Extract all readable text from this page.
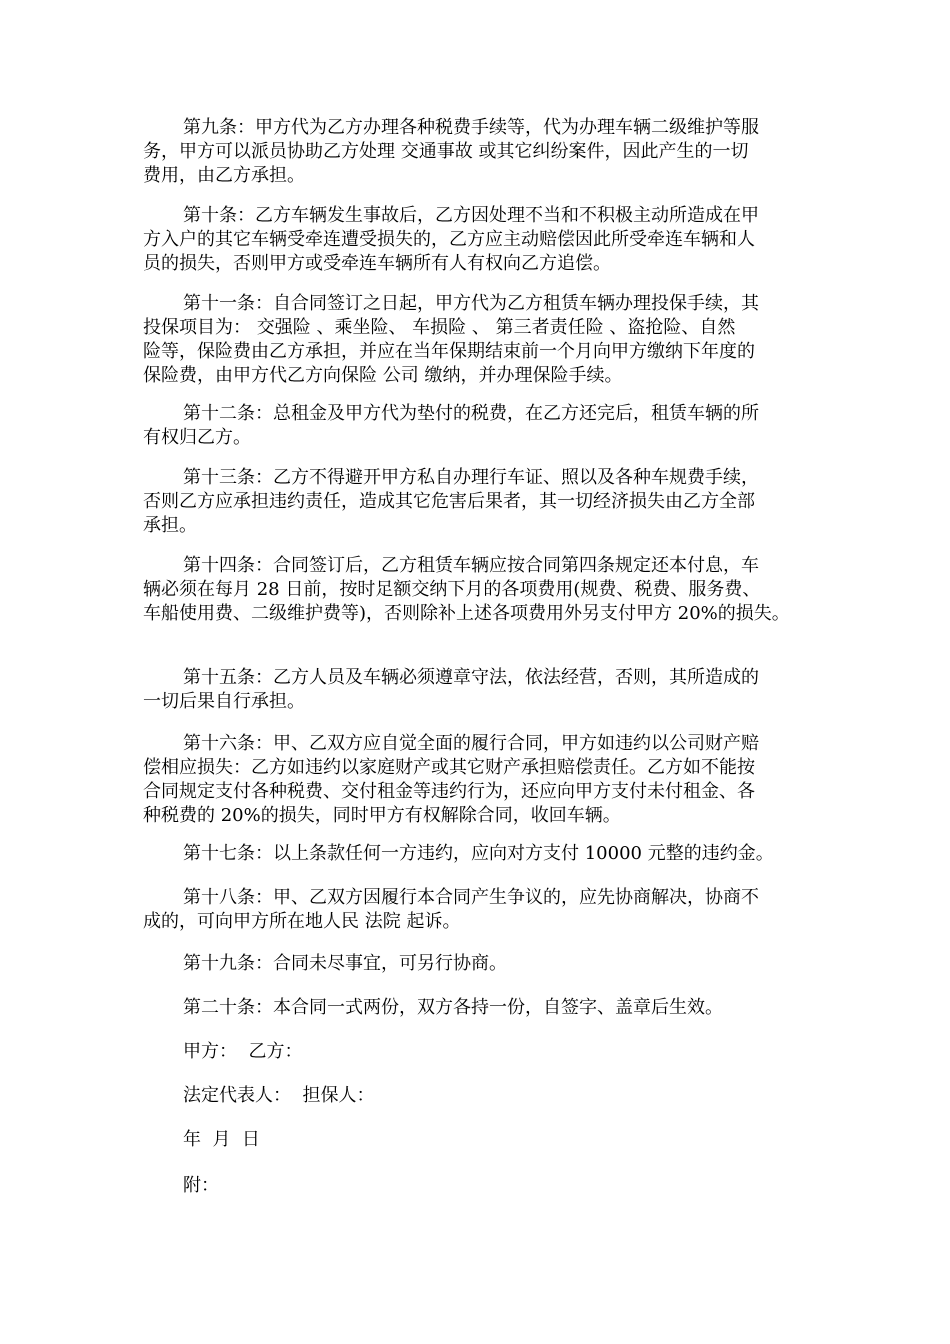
第九条：甲方代为乙方办理各种税费手续等，代为办理车辆二级维护等服
务，甲方可以派员协助乙方处理 交通事故 或其它纠纷案件，因此产生的一切
费用，由乙方承担。
第十条：乙方车辆发生事故后，乙方因处理不当和不积极主动所造成在甲
方入户的其它车辆受牵连遭受损失的，乙方应主动赔偿因此所受牵连车辆和人
员的损失，否则甲方或受牵连车辆所有人有权向乙方追偿。
第十一条：自合同签订之日起，甲方代为乙方租赁车辆办理投保手续，其
投保项目为： 交强险 、乘坐险、 车损险 、 第三者责任险 、盗抢险、自然
险等，保险费由乙方承担，并应在当年保期结束前一个月向甲方缴纳下年度的
保险费，由甲方代乙方向保险 公司 缴纳，并办理保险手续。
第十二条：总租金及甲方代为垫付的税费，在乙方还完后，租赁车辆的所
有权归乙方。
第十三条：乙方不得避开甲方私自办理行车证、照以及各种车规费手续，
否则乙方应承担违约责任，造成其它危害后果者，其一切经济损失由乙方全部
承担。
第十四条：合同签订后，乙方租赁车辆应按合同第四条规定还本付息，车
辆必须在每月 28 日前，按时足额交纳下月的各项费用(规费、税费、服务费、
车船使用费、二级维护费等)，否则除补上述各项费用外另支付甲方 20%的损失。
第十五条：乙方人员及车辆必须遵章守法，依法经营，否则，其所造成的
一切后果自行承担。
第十六条：甲、乙双方应自觉全面的履行合同，甲方如违约以公司财产赔
偿相应损失：乙方如违约以家庭财产或其它财产承担赔偿责任。乙方如不能按
合同规定支付各种税费、交付租金等违约行为，还应向甲方支付未付租金、各
种税费的 20%的损失，同时甲方有权解除合同，收回车辆。
第十七条：以上条款任何一方违约，应向对方支付 10000 元整的违约金。
第十八条：甲、乙双方因履行本合同产生争议的，应先协商解决，协商不
成的，可向甲方所在地人民 法院 起诉。
第十九条：合同未尽事宜，可另行协商。
第二十条：本合同一式两份，双方各持一份，自签字、盖章后生效。
甲方：  乙方：
法定代表人：  担保人：
年  月  日
附：
